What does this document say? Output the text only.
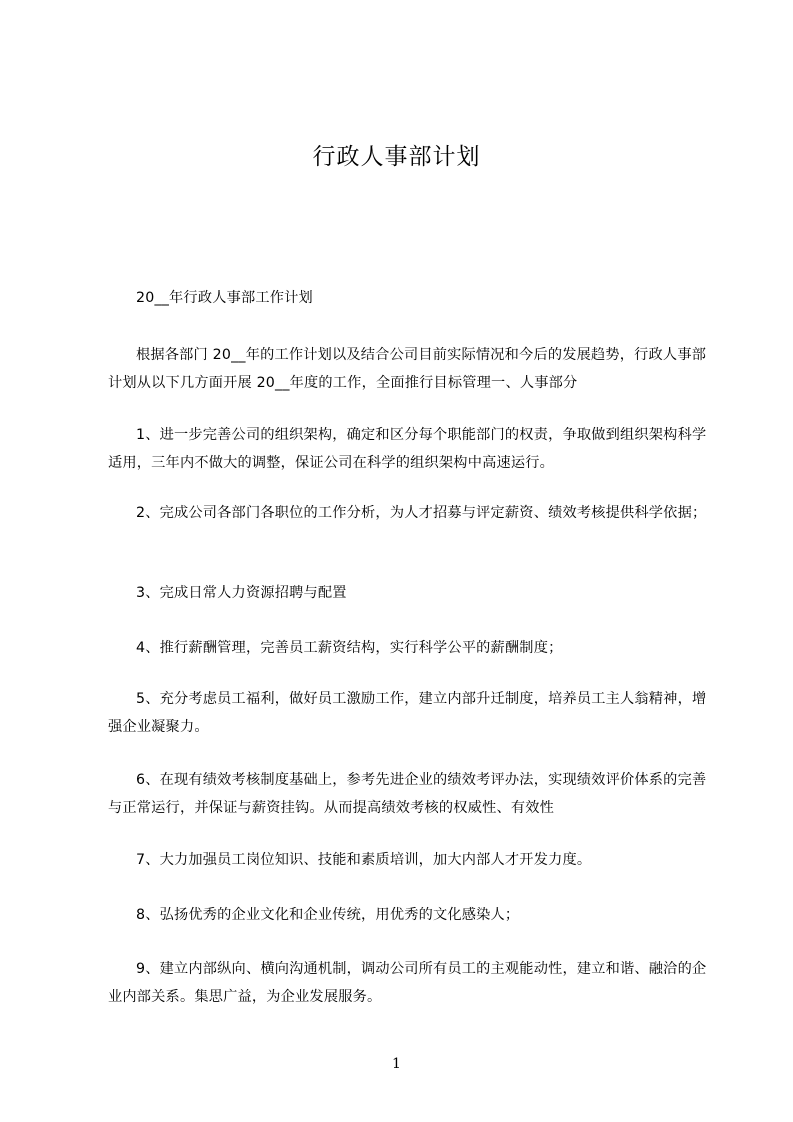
行政人事部计划
20__年行政人事部工作计划
根据各部门 20__年的工作计划以及结合公司目前实际情况和今后的发展趋势，行政人事部计划从以下几方面开展 20__年度的工作，全面推行目标管理一、人事部分
1、进一步完善公司的组织架构，确定和区分每个职能部门的权责，争取做到组织架构科学适用，三年内不做大的调整，保证公司在科学的组织架构中高速运行。
2、完成公司各部门各职位的工作分析，为人才招募与评定薪资、绩效考核提供科学依据；
3、完成日常人力资源招聘与配置
4、推行薪酬管理，完善员工薪资结构，实行科学公平的薪酬制度；
5、充分考虑员工福利，做好员工激励工作，建立内部升迁制度，培养员工主人翁精神，增强企业凝聚力。
6、在现有绩效考核制度基础上，参考先进企业的绩效考评办法，实现绩效评价体系的完善与正常运行，并保证与薪资挂钩。从而提高绩效考核的权威性、有效性
7、大力加强员工岗位知识、技能和素质培训，加大内部人才开发力度。
8、弘扬优秀的企业文化和企业传统，用优秀的文化感染人；
9、建立内部纵向、横向沟通机制，调动公司所有员工的主观能动性，建立和谐、融洽的企业内部关系。集思广益，为企业发展服务。
1
